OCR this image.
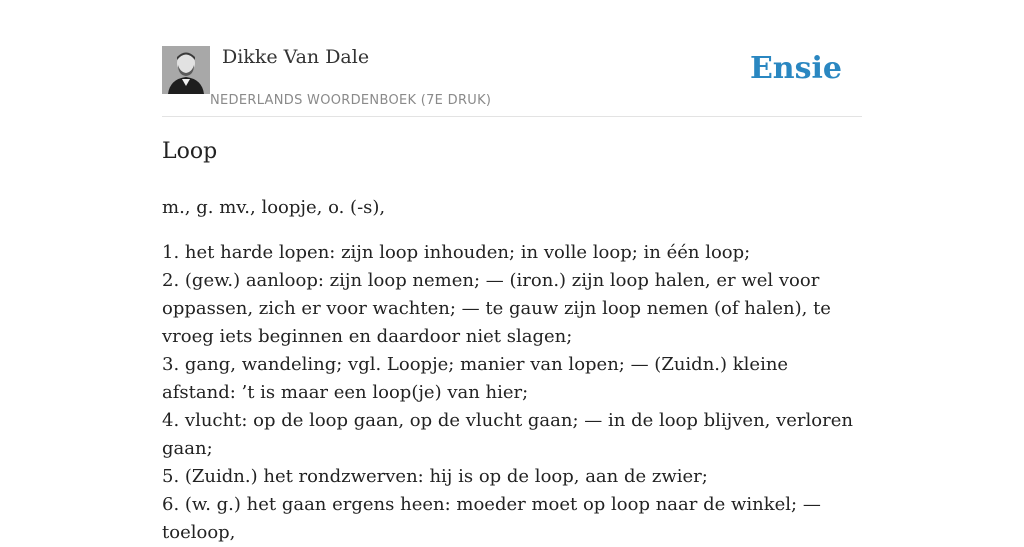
Dikke Van Dale
NEDERLANDS WOORDENBOEK (7E DRUK)
Ensie
Loop

m., g. mv., loopje, o. (-s),

1. het harde lopen: zijn loop inhouden; in volle loop; in één loop;
2. (gew.) aanloop: zijn loop nemen; — (iron.) zijn loop halen, er wel voor oppassen, zich er voor wachten; — te gauw zijn loop nemen (of halen), te vroeg iets beginnen en daardoor niet slagen;
3. gang, wandeling; vgl. Loopje; manier van lopen; — (Zuidn.) kleine afstand: ’t is maar een loop(je) van hier;
4. vlucht: op de loop gaan, op de vlucht gaan; — in de loop blijven, verloren gaan;
5. (Zuidn.) het rondzwerven: hij is op de loop, aan de zwier;
6. (w. g.) het gaan ergens heen: moeder moet op loop naar de winkel; — toeloop,
